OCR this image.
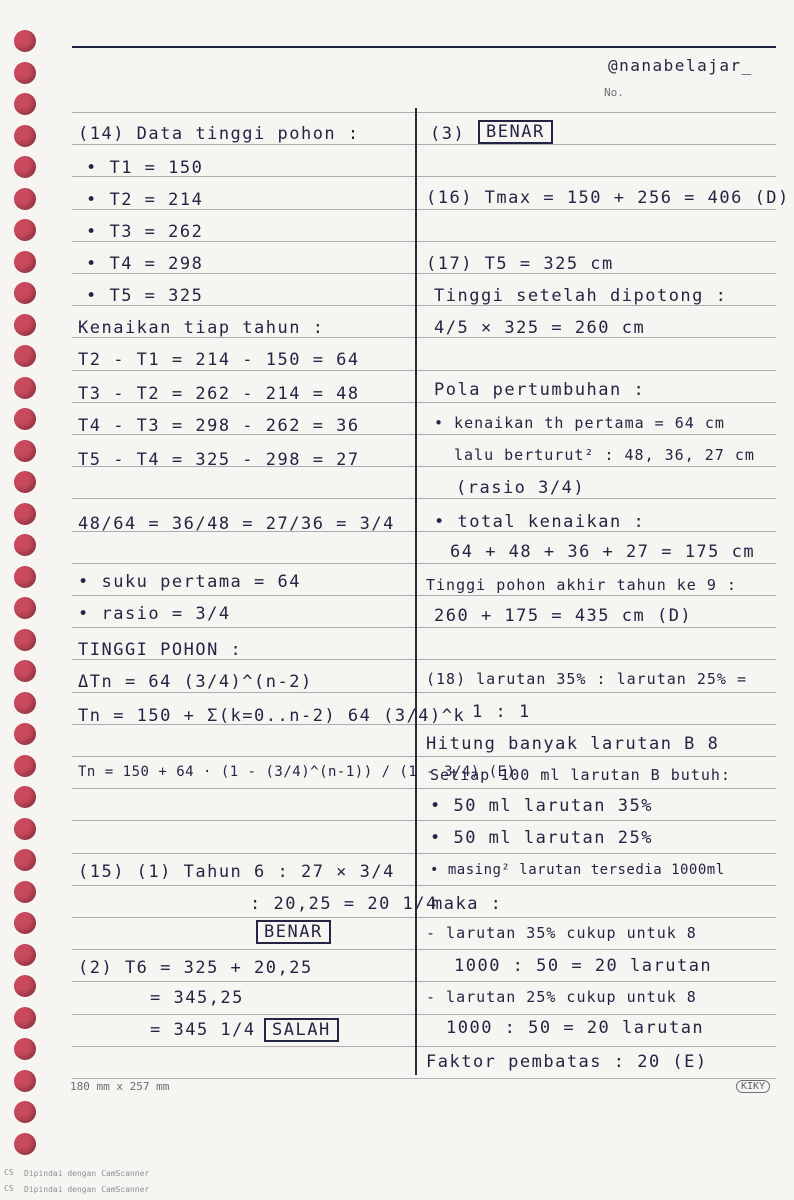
@nanabelajar_
No.
(14) Data tinggi pohon :
• T1 = 150
• T2 = 214
• T3 = 262
• T4 = 298
• T5 = 325
Kenaikan tiap tahun :
T2 - T1 = 214 - 150 = 64
T3 - T2 = 262 - 214 = 48
T4 - T3 = 298 - 262 = 36
T5 - T4 = 325 - 298 = 27
48/64 = 36/48 = 27/36 = 3/4
• suku pertama = 64
• rasio = 3/4
TINGGI POHON :
ΔTn = 64 (3/4)^(n-2)
Tn = 150 + Σ(k=0..n-2) 64 (3/4)^k
Tn = 150 + 64 · (1 - (3/4)^(n-1)) / (1 - 3/4) (E)
(15) (1) Tahun 6 : 27 × 3/4
: 20,25 = 20 1/4
BENAR
(2) T6 = 325 + 20,25
= 345,25
= 345 1/4 SALAH
(3)	BENAR
(16) Tmax = 150 + 256 = 406 (D)
(17) T5 = 325 cm
Tinggi setelah dipotong :
4/5 × 325 = 260 cm
Pola pertumbuhan :
• kenaikan th pertama = 64 cm
lalu berturut² : 48, 36, 27 cm
(rasio 3/4)
• total kenaikan :
64 + 48 + 36 + 27 = 175 cm
Tinggi pohon akhir tahun ke 9 :
260 + 175 = 435 cm (D)
(18) larutan 35% : larutan 25% =
1 : 1
Hitung banyak larutan B 8
Setiap 100 ml larutan B butuh:
• 50 ml larutan 35%
• 50 ml larutan 25%
• masing² larutan tersedia 1000ml
maka :
- larutan 35% cukup untuk 8
1000 : 50 = 20 larutan
- larutan 25% cukup untuk 8
1000 : 50 = 20 larutan
Faktor pembatas : 20 (E)
180 mm x 257 mm	KIKY
CS Dipindai dengan CamScanner
CS Dipindai dengan CamScanner
